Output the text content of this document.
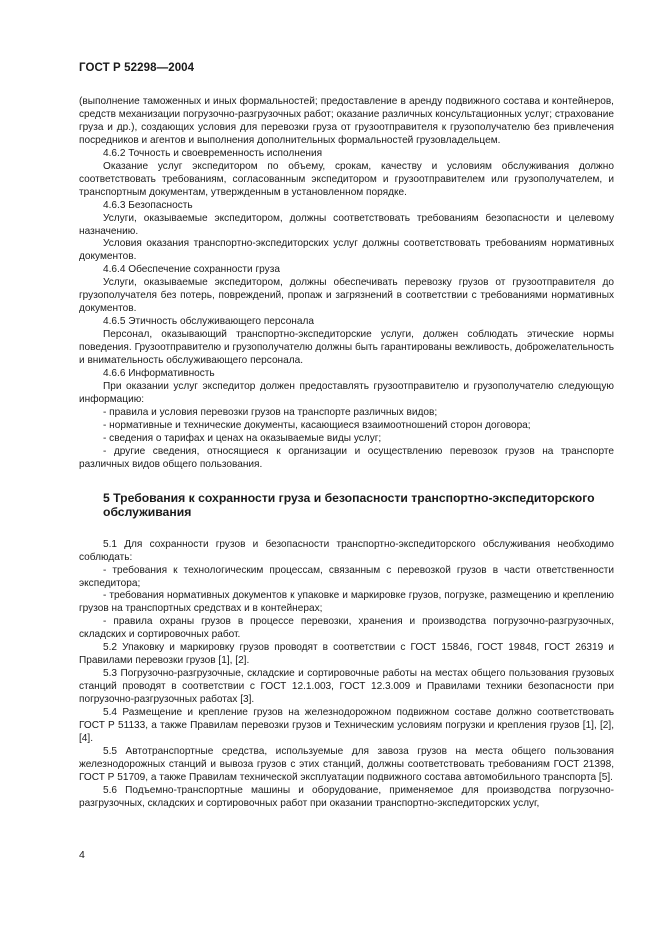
ГОСТ Р 52298—2004

(выполнение таможенных и иных формальностей; предоставление в аренду подвижного состава и контейнеров, средств механизации погрузочно-разгрузочных работ; оказание различных консультационных услуг; страхование груза и др.), создающих условия для перевозки груза от грузоотправителя к грузополучателю без привлечения посредников и агентов и выполнения дополнительных формальностей грузовладельцем.

4.6.2 Точность и своевременность исполнения

Оказание услуг экспедитором по объему, срокам, качеству и условиям обслуживания должно соответствовать требованиям, согласованным экспедитором и грузоотправителем или грузополучателем, и транспортным документам, утвержденным в установленном порядке.

4.6.3 Безопасность

Услуги, оказываемые экспедитором, должны соответствовать требованиям безопасности и целевому назначению.

Условия оказания транспортно-экспедиторских услуг должны соответствовать требованиям нормативных документов.

4.6.4 Обеспечение сохранности груза

Услуги, оказываемые экспедитором, должны обеспечивать перевозку грузов от грузоотправителя до грузополучателя без потерь, повреждений, пропаж и загрязнений в соответствии с требованиями нормативных документов.

4.6.5 Этичность обслуживающего персонала

Персонал, оказывающий транспортно-экспедиторские услуги, должен соблюдать этические нормы поведения. Грузоотправителю и грузополучателю должны быть гарантированы вежливость, доброжелательность и внимательность обслуживающего персонала.

4.6.6 Информативность

При оказании услуг экспедитор должен предоставлять грузоотправителю и грузополучателю следующую информацию:

- правила и условия перевозки грузов на транспорте различных видов;

- нормативные и технические документы, касающиеся взаимоотношений сторон договора;

- сведения о тарифах и ценах на оказываемые виды услуг;

- другие сведения, относящиеся к организации и осуществлению перевозок грузов на транспорте различных видов общего пользования.

5 Требования к сохранности груза и безопасности транспортно-экспедиторского обслуживания

5.1 Для сохранности грузов и безопасности транспортно-экспедиторского обслуживания необходимо соблюдать:

- требования к технологическим процессам, связанным с перевозкой грузов в части ответственности экспедитора;

- требования нормативных документов к упаковке и маркировке грузов, погрузке, размещению и креплению грузов на транспортных средствах и в контейнерах;

- правила охраны грузов в процессе перевозки, хранения и производства погрузочно-разгрузочных, складских и сортировочных работ.

5.2 Упаковку и маркировку грузов проводят в соответствии с ГОСТ 15846, ГОСТ 19848, ГОСТ 26319 и Правилами перевозки грузов [1], [2].

5.3 Погрузочно-разгрузочные, складские и сортировочные работы на местах общего пользования грузовых станций проводят в соответствии с ГОСТ 12.1.003, ГОСТ 12.3.009 и Правилами техники безопасности при погрузочно-разгрузочных работах [3].

5.4 Размещение и крепление грузов на железнодорожном подвижном составе должно соответствовать ГОСТ Р 51133, а также Правилам перевозки грузов и Техническим условиям погрузки и крепления грузов [1], [2], [4].

5.5 Автотранспортные средства, используемые для завоза грузов на места общего пользования железнодорожных станций и вывоза грузов с этих станций, должны соответствовать требованиям ГОСТ 21398, ГОСТ Р 51709, а также Правилам технической эксплуатации подвижного состава автомобильного транспорта [5].

5.6 Подъемно-транспортные машины и оборудование, применяемое для производства погрузочно-разгрузочных, складских и сортировочных работ при оказании транспортно-экспедиторских услуг,

4
